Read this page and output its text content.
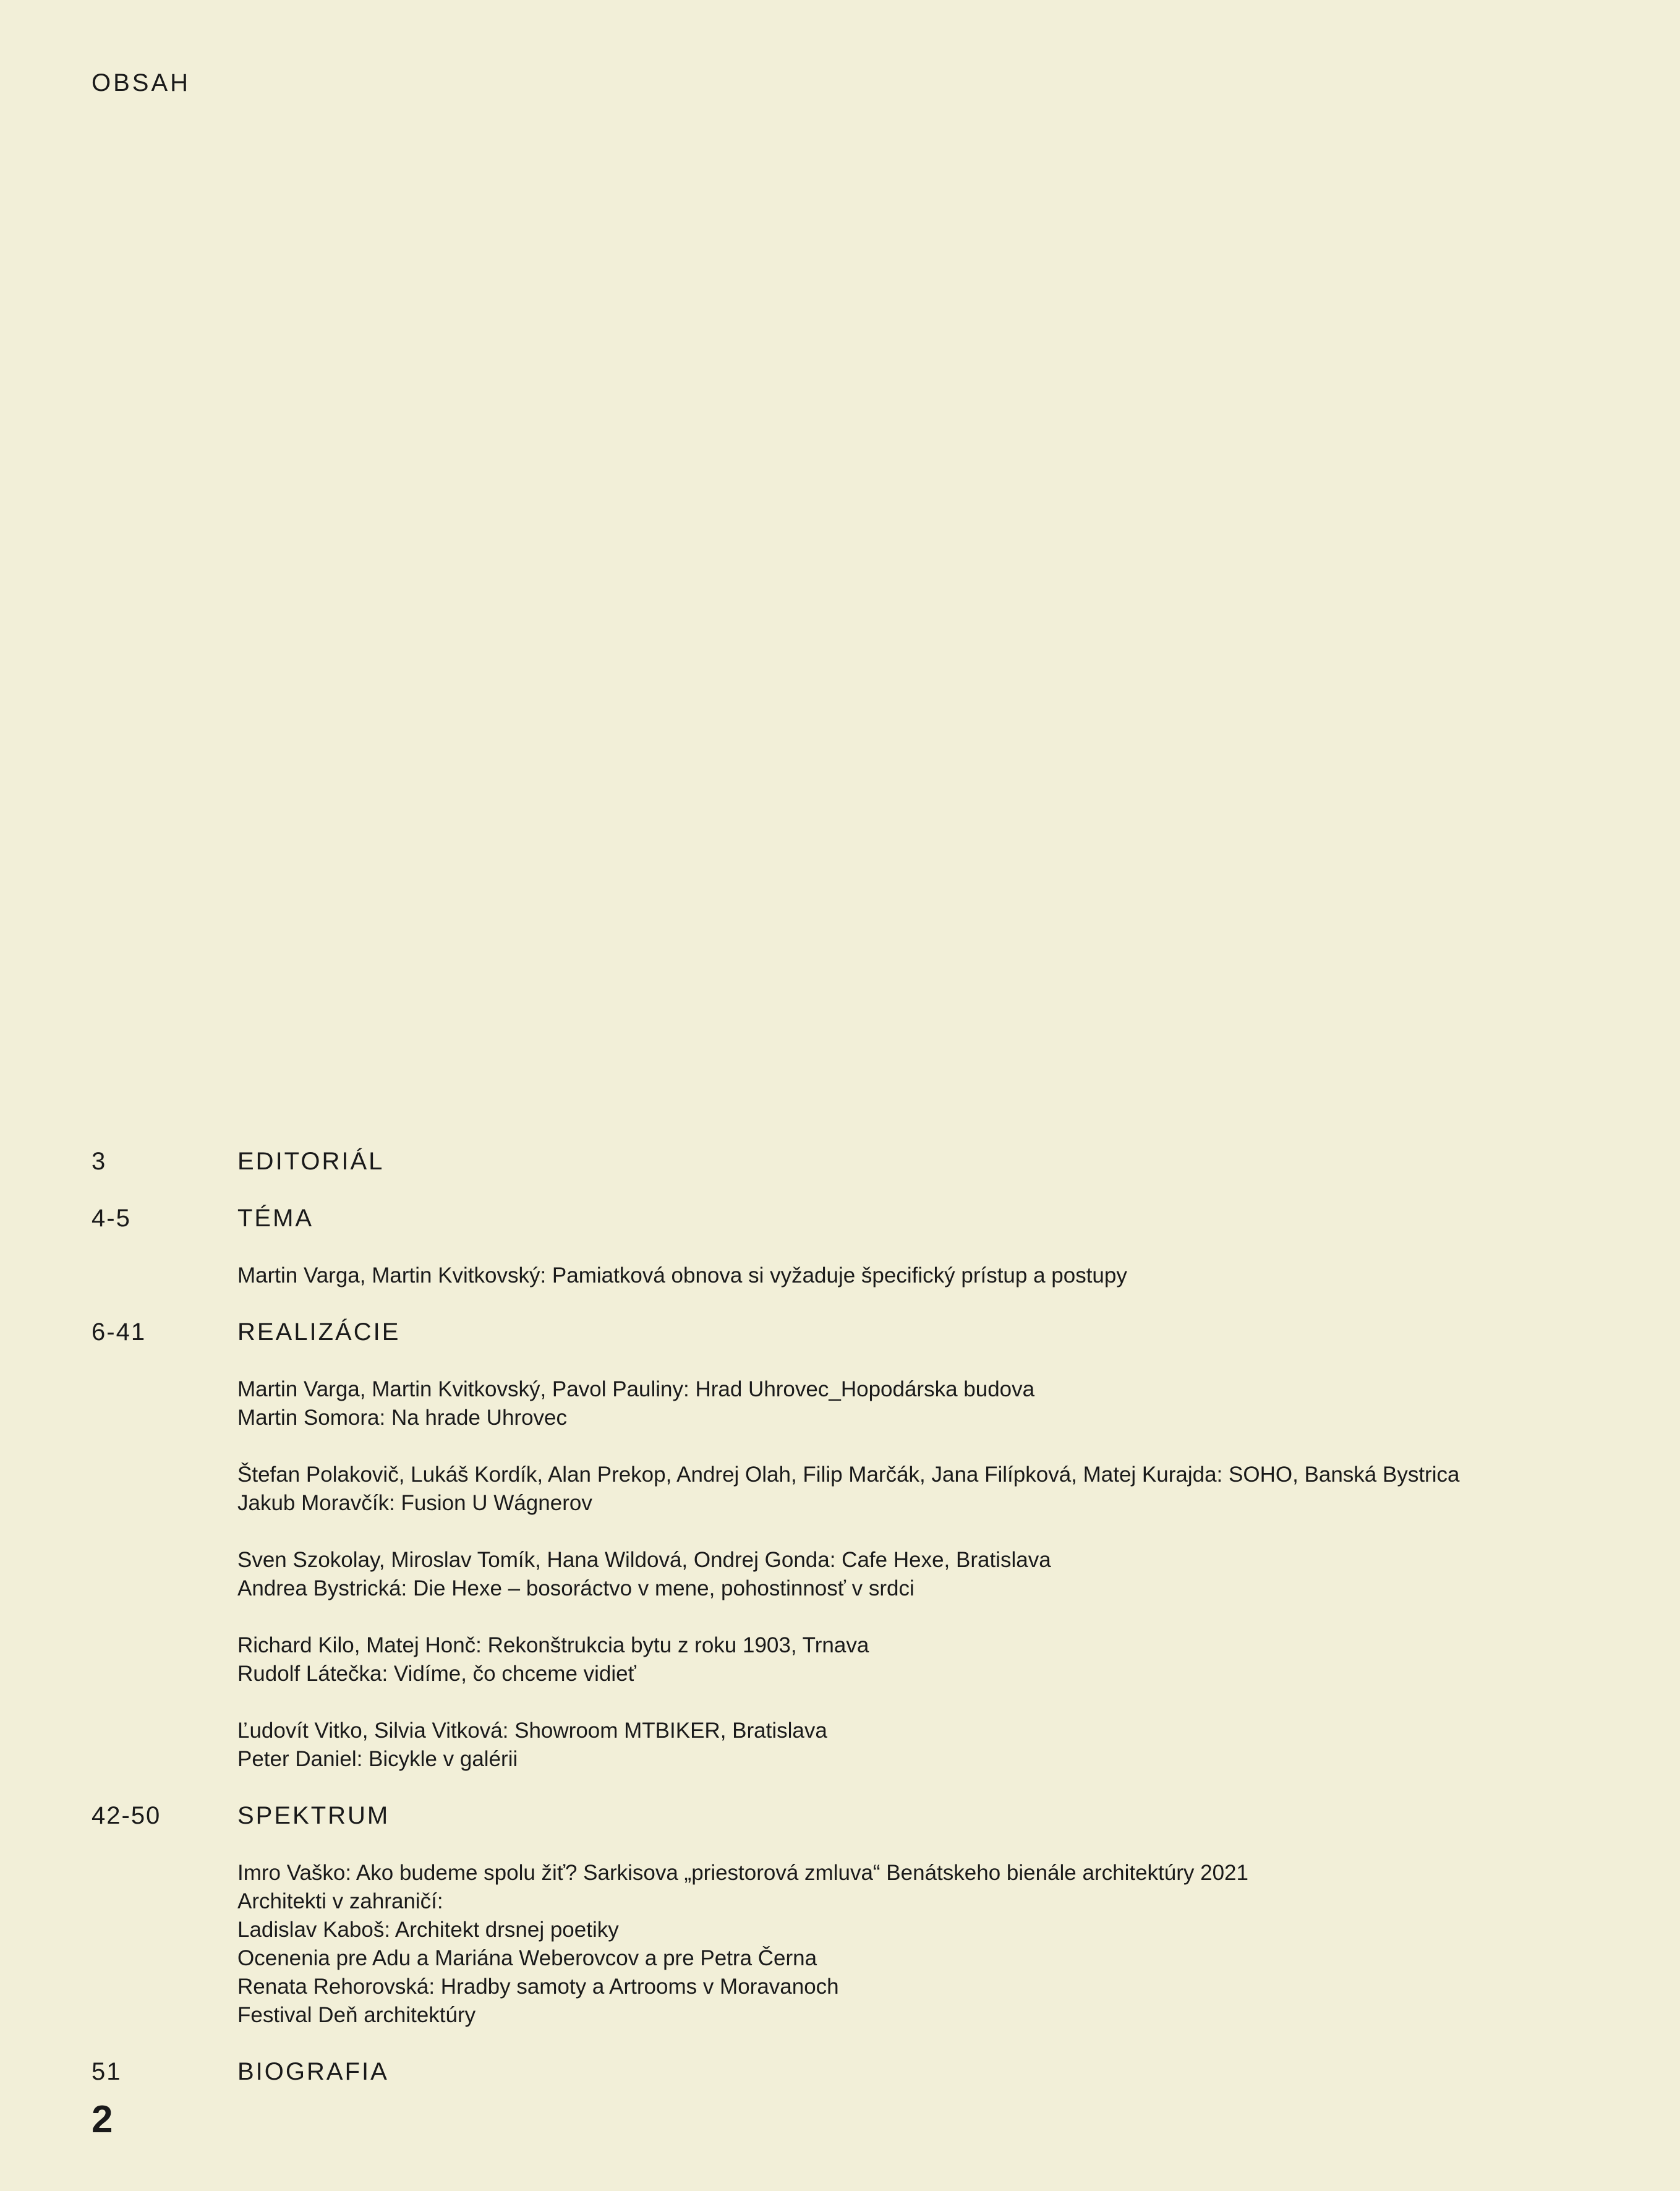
OBSAH
3	EDITORIÁL
4-5	TÉMA
Martin Varga, Martin Kvitkovský: Pamiatková obnova si vyžaduje špecifický prístup a postupy
6-41	REALIZÁCIE
Martin Varga, Martin Kvitkovský, Pavol Pauliny: Hrad Uhrovec_Hopodárska budova
Martin Somora: Na hrade Uhrovec
Štefan Polakovič, Lukáš Kordík, Alan Prekop, Andrej Olah, Filip Marčák, Jana Filípková, Matej Kurajda: SOHO, Banská Bystrica
Jakub Moravčík: Fusion U Wágnerov
Sven Szokolay, Miroslav Tomík, Hana Wildová, Ondrej Gonda: Cafe Hexe, Bratislava
Andrea Bystrická: Die Hexe – bosoráctvo v mene, pohostinnosť v srdci
Richard Kilo, Matej Honč: Rekonštrukcia bytu z roku 1903, Trnava
Rudolf Látečka: Vidíme, čo chceme vidieť
Ľudovít Vitko, Silvia Vitková: Showroom MTBIKER, Bratislava
Peter Daniel: Bicykle v galérii
42-50	SPEKTRUM
Imro Vaško: Ako budeme spolu žiť? Sarkisova „priestorová zmluva“ Benátskeho bienále architektúry 2021
Architekti v zahraničí:
Ladislav Kaboš: Architekt drsnej poetiky
Ocenenia pre Adu a Mariána Weberovcov a pre Petra Černa
Renata Rehorovská: Hradby samoty a Artrooms v Moravanoch
Festival Deň architektúry
51	BIOGRAFIA
2
